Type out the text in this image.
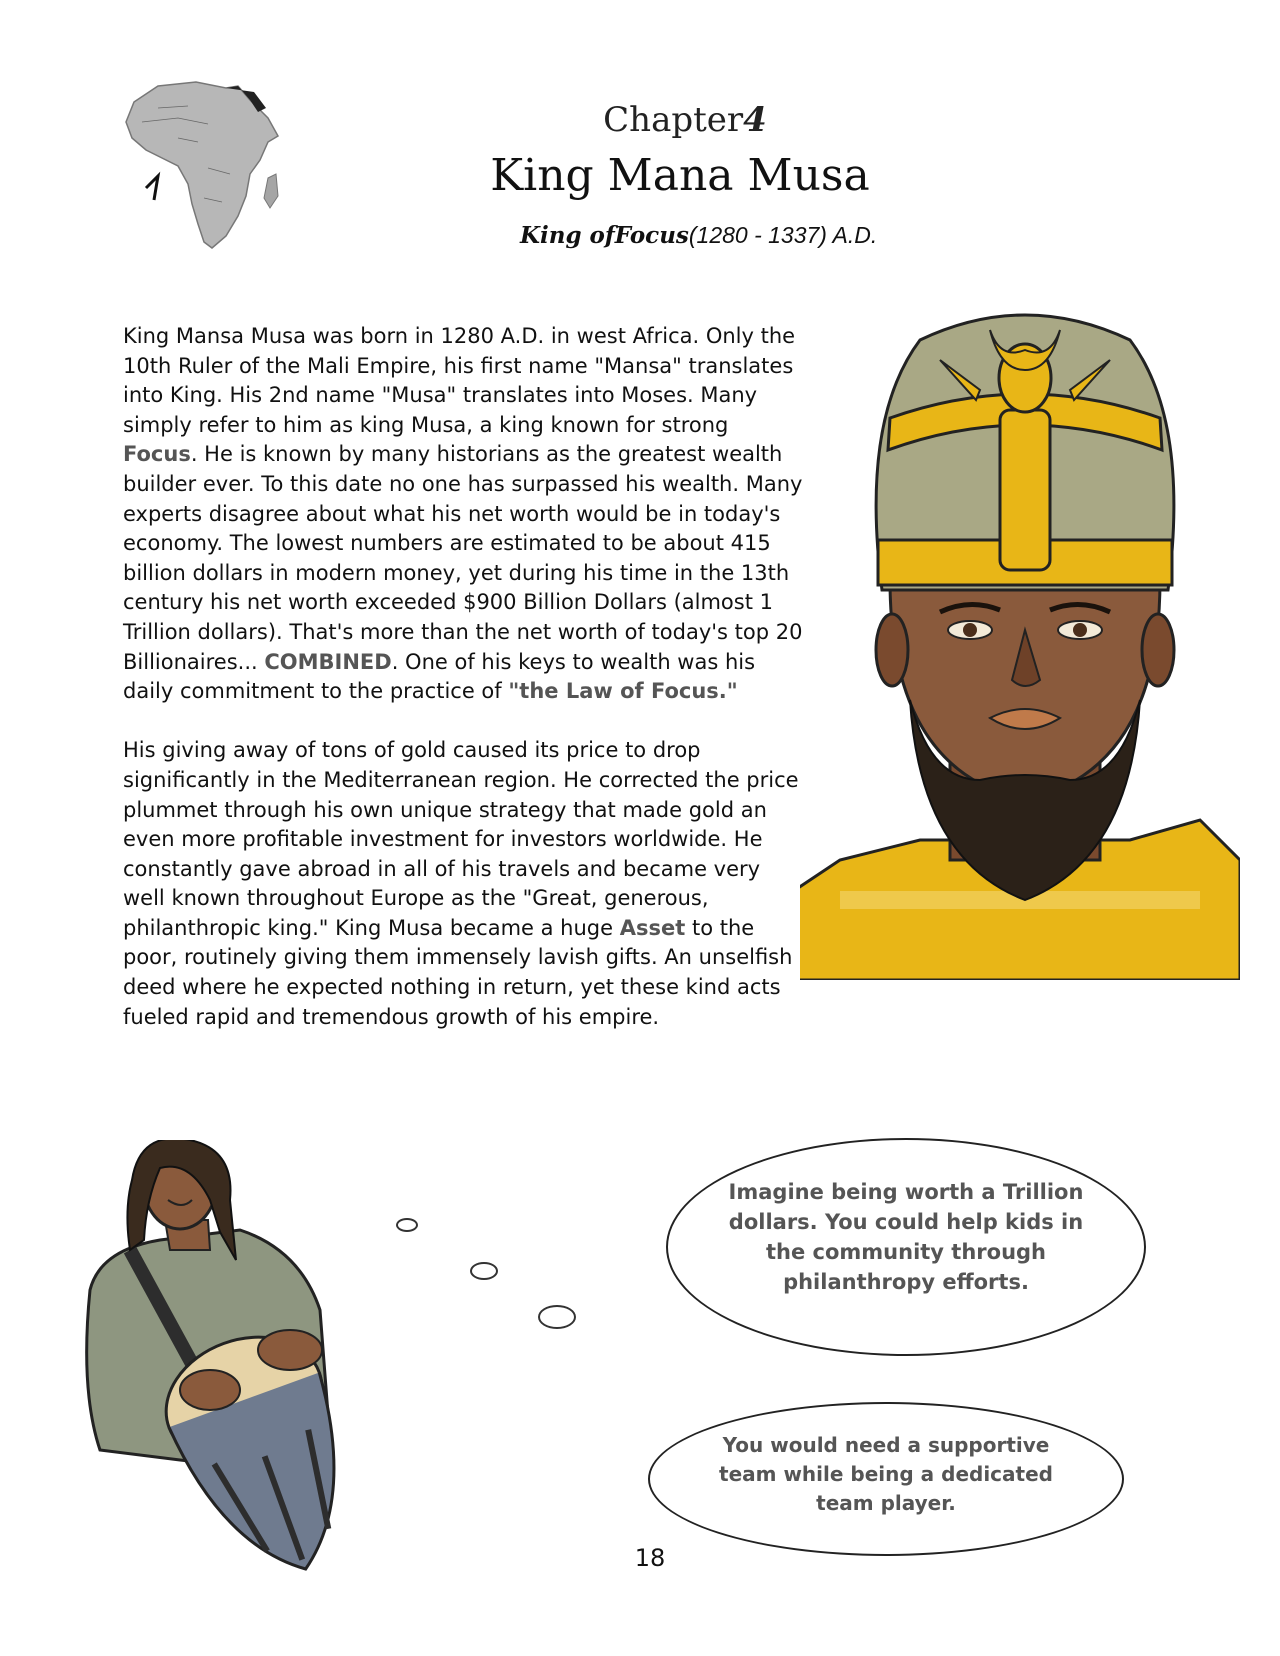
Chapter4
King Mana Musa
King ofFocus(1280 - 1337) A.D.

King Mansa Musa was born in 1280 A.D. in west Africa. Only the 10th Ruler of the Mali Empire, his first name "Mansa" translates into King. His 2nd name "Musa" translates into Moses. Many simply refer to him as king Musa, a king known for strong Focus. He is known by many historians as the greatest wealth builder ever. To this date no one has surpassed his wealth. Many experts disagree about what his net worth would be in today's economy. The lowest numbers are estimated to be about 415 billion dollars in modern money, yet during his time in the 13th century his net worth exceeded $900 Billion Dollars (almost 1 Trillion dollars). That's more than the net worth of today's top 20 Billionaires... COMBINED. One of his keys to wealth was his daily commitment to the practice of "the Law of Focus."

His giving away of tons of gold caused its price to drop significantly in the Mediterranean region. He corrected the price plummet through his own unique strategy that made gold an even more profitable investment for investors worldwide. He constantly gave abroad in all of his travels and became very well known throughout Europe as the "Great, generous, philanthropic king." King Musa became a huge Asset to the poor, routinely giving them immensely lavish gifts. An unselfish deed where he expected nothing in return, yet these kind acts fueled rapid and tremendous growth of his empire.

Imagine being worth a Trillion dollars. You could help kids in the community through philanthropy efforts.
You would need a supportive team while being a dedicated team player.
18
